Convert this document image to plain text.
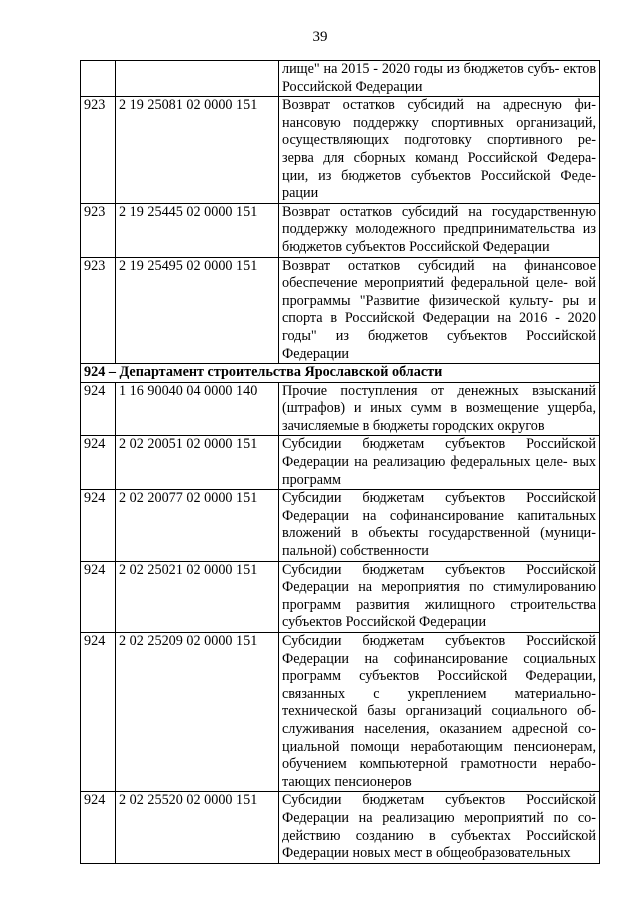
39
		лище" на 2015 - 2020 годы из бюджетов субъ- ектов Российской Федерации
923	2 19 25081 02 0000 151	Возврат остатков субсидий на адресную фи- нансовую поддержку спортивных организаций, осуществляющих подготовку спортивного ре- зерва для сборных команд Российской Федера- ции, из бюджетов субъектов Российской Феде- рации
923	2 19 25445 02 0000 151	Возврат остатков субсидий на государственную поддержку молодежного предпринимательства из бюджетов субъектов Российской Федерации
923	2 19 25495 02 0000 151	Возврат остатков субсидий на финансовое обеспечение мероприятий федеральной целе- вой программы "Развитие физической культу- ры и спорта в Российской Федерации на 2016 - 2020 годы" из бюджетов субъектов Российской Федерации
924 – Департамент строительства Ярославской области		
924	1 16 90040 04 0000 140	Прочие поступления от денежных взысканий (штрафов) и иных сумм в возмещение ущерба, зачисляемые в бюджеты городских округов
924	2 02 20051 02 0000 151	Субсидии бюджетам субъектов Российской Федерации на реализацию федеральных целе- вых программ
924	2 02 20077 02 0000 151	Субсидии бюджетам субъектов Российской Федерации на софинансирование капитальных вложений в объекты государственной (муници- пальной) собственности
924	2 02 25021 02 0000 151	Субсидии бюджетам субъектов Российской Федерации на мероприятия по стимулированию программ развития жилищного строительства субъектов Российской Федерации
924	2 02 25209 02 0000 151	Субсидии бюджетам субъектов Российской Федерации на софинансирование социальных программ субъектов Российской Федерации, связанных с укреплением материально- технической базы организаций социального об- служивания населения, оказанием адресной со- циальной помощи неработающим пенсионерам, обучением компьютерной грамотности нерабо- тающих пенсионеров
924	2 02 25520 02 0000 151	Субсидии бюджетам субъектов Российской Федерации на реализацию мероприятий по со- действию созданию в субъектах Российской Федерации новых мест в общеобразовательных
